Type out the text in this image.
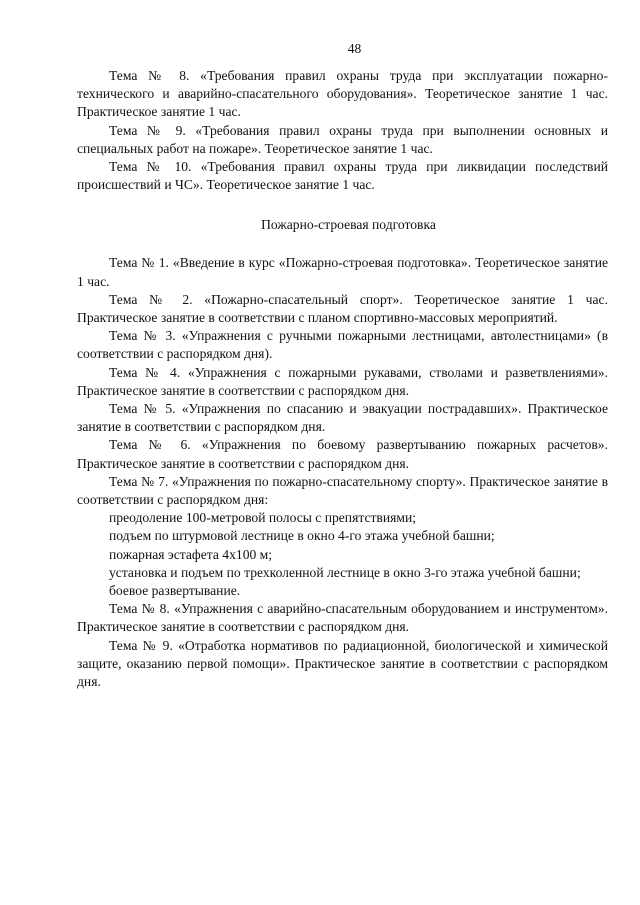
48

Тема № 8. «Требования правил охраны труда при эксплуатации пожарно-технического и аварийно-спасательного оборудования». Теоретическое занятие 1 час. Практическое занятие 1 час.

Тема № 9. «Требования правил охраны труда при выполнении основных и специальных работ на пожаре». Теоретическое занятие 1 час.

Тема № 10. «Требования правил охраны труда при ликвидации последствий происшествий и ЧС». Теоретическое занятие 1 час.

Пожарно-строевая подготовка

Тема № 1. «Введение в курс «Пожарно-строевая подготовка». Теоретическое занятие 1 час.

Тема № 2. «Пожарно-спасательный спорт». Теоретическое занятие 1 час. Практическое занятие в соответствии с планом спортивно-массовых мероприятий.

Тема № 3. «Упражнения с ручными пожарными лестницами, автолестницами» (в соответствии с распорядком дня).

Тема № 4. «Упражнения с пожарными рукавами, стволами и разветвлениями». Практическое занятие в соответствии с распорядком дня.

Тема № 5. «Упражнения по спасанию и эвакуации пострадавших». Практическое занятие в соответствии с распорядком дня.

Тема № 6. «Упражнения по боевому развертыванию пожарных расчетов». Практическое занятие в соответствии с распорядком дня.

Тема № 7. «Упражнения по пожарно-спасательному спорту». Практическое занятие в соответствии с распорядком дня:

преодоление 100-метровой полосы с препятствиями;

подъем по штурмовой лестнице в окно 4-го этажа учебной башни;

пожарная эстафета 4х100 м;

установка и подъем по трехколенной лестнице в окно 3-го этажа учебной башни;

боевое развертывание.

Тема № 8. «Упражнения с аварийно-спасательным оборудованием и инструментом». Практическое занятие в соответствии с распорядком дня.

Тема № 9. «Отработка нормативов по радиационной, биологической и химической защите, оказанию первой помощи». Практическое занятие в соответствии с распорядком дня.
